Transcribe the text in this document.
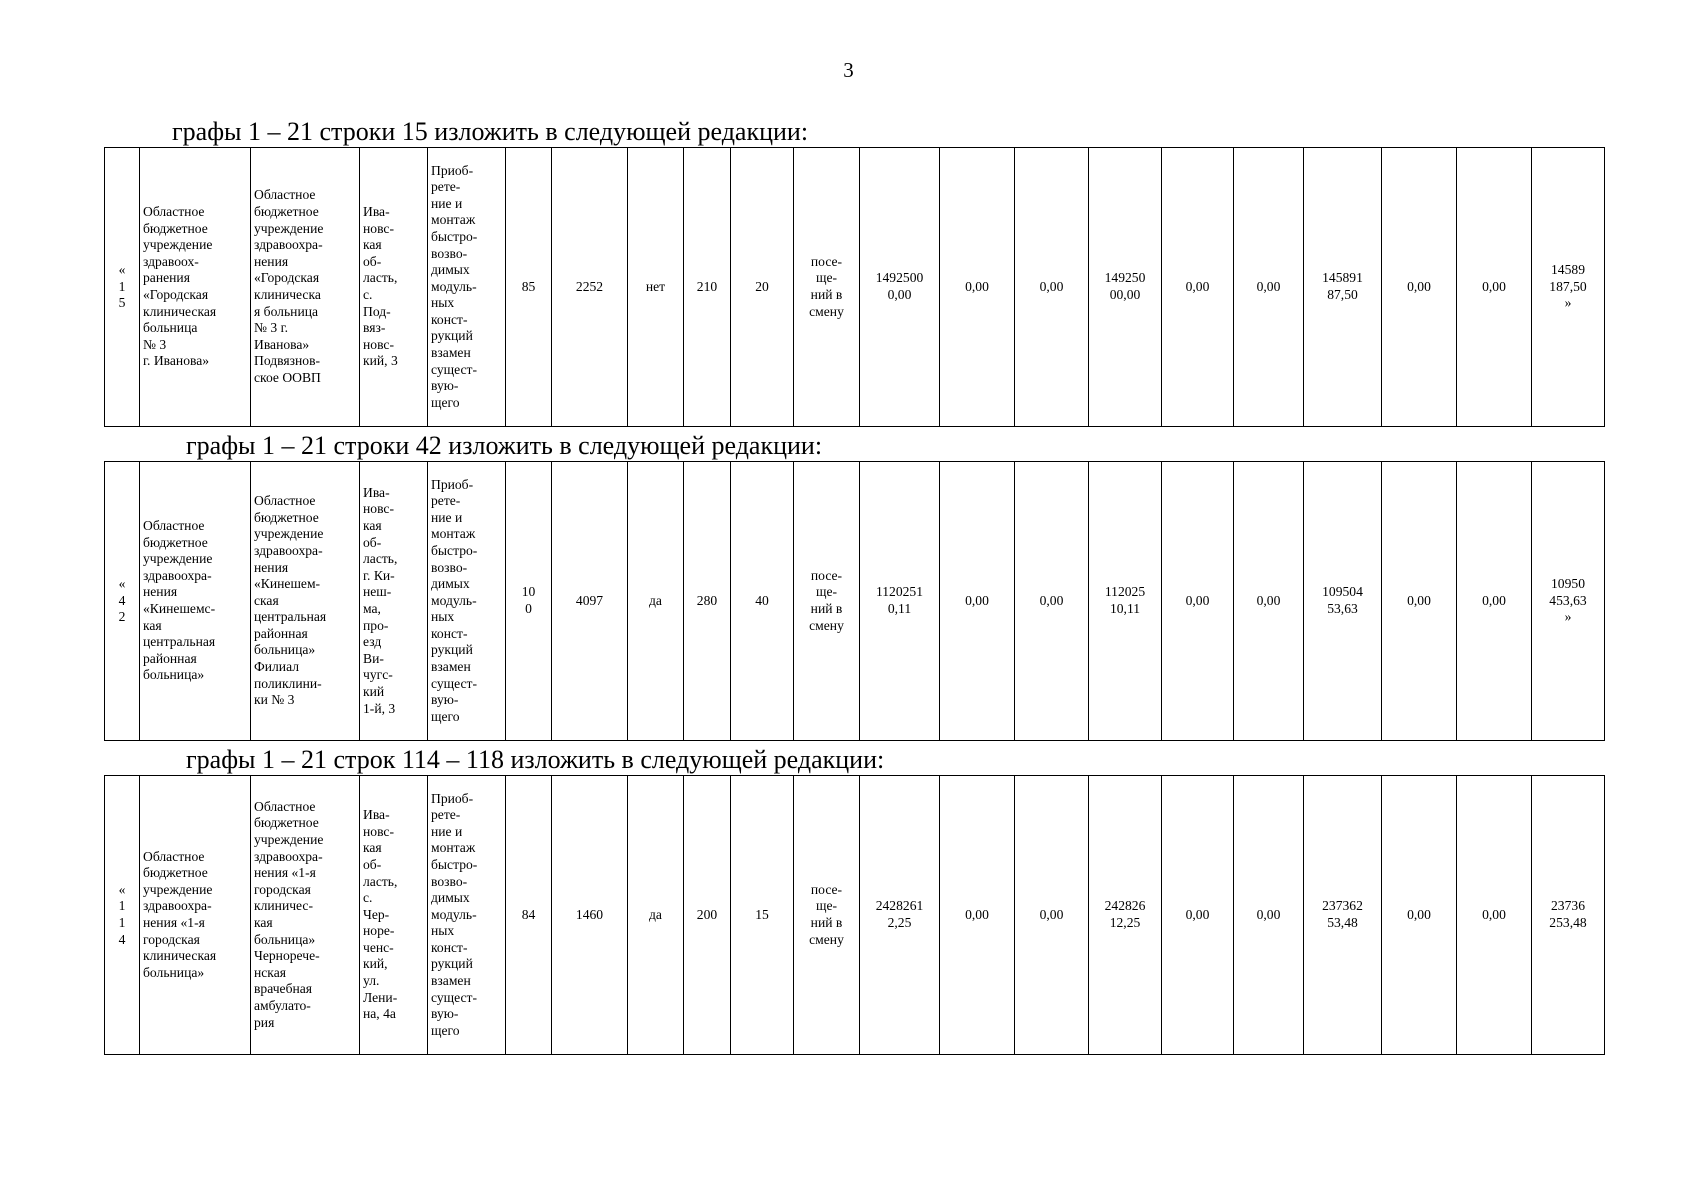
3
графы 1 – 21 строки 15 изложить в следующей редакции:
«
1
5	Областное
бюджетное
учреждение
здравоох-
ранения
«Городская
клиническая
больница
№ 3
г. Иванова»	Областное
бюджетное
учреждение
здравоохра-
нения
«Городская
клиническа
я больница
№ 3 г.
Иванова»
Подвязнов-
ское ООВП	Ива-
новс-
кая
об-
ласть,
с.
Под-
вяз-
новс-
кий, 3	Приоб-
рете-
ние и
монтаж
быстро-
возво-
димых
модуль-
ных
конст-
рукций
взамен
сущест-
вую-
щего	85	2252	нет	210	20	посе-
ще-
ний в
смену	1492500
0,00	0,00	0,00	149250
00,00	0,00	0,00	145891
87,50	0,00	0,00	14589
187,50
»
графы 1 – 21 строки 42 изложить в следующей редакции:
«
4
2	Областное
бюджетное
учреждение
здравоохра-
нения
«Кинешемс-
кая
центральная
районная
больница»	Областное
бюджетное
учреждение
здравоохра-
нения
«Кинешем-
ская
центральная
районная
больница»
Филиал
поликлини-
ки № 3	Ива-
новс-
кая
об-
ласть,
г. Ки-
неш-
ма,
про-
езд
Ви-
чугс-
кий
1-й, 3	Приоб-
рете-
ние и
монтаж
быстро-
возво-
димых
модуль-
ных
конст-
рукций
взамен
сущест-
вую-
щего	10
0	4097	да	280	40	посе-
ще-
ний в
смену	1120251
0,11	0,00	0,00	112025
10,11	0,00	0,00	109504
53,63	0,00	0,00	10950
453,63
»
графы 1 – 21 строк 114 – 118 изложить в следующей редакции:
«
1
1
4	Областное
бюджетное
учреждение
здравоохра-
нения «1-я
городская
клиническая
больница»	Областное
бюджетное
учреждение
здравоохра-
нения «1-я
городская
клиничес-
кая
больница»
Чернорече-
нская
врачебная
амбулато-
рия	Ива-
новс-
кая
об-
ласть,
с.
Чер-
норе-
ченс-
кий,
ул.
Лени-
на, 4а	Приоб-
рете-
ние и
монтаж
быстро-
возво-
димых
модуль-
ных
конст-
рукций
взамен
сущест-
вую-
щего	84	1460	да	200	15	посе-
ще-
ний в
смену	2428261
2,25	0,00	0,00	242826
12,25	0,00	0,00	237362
53,48	0,00	0,00	23736
253,48
